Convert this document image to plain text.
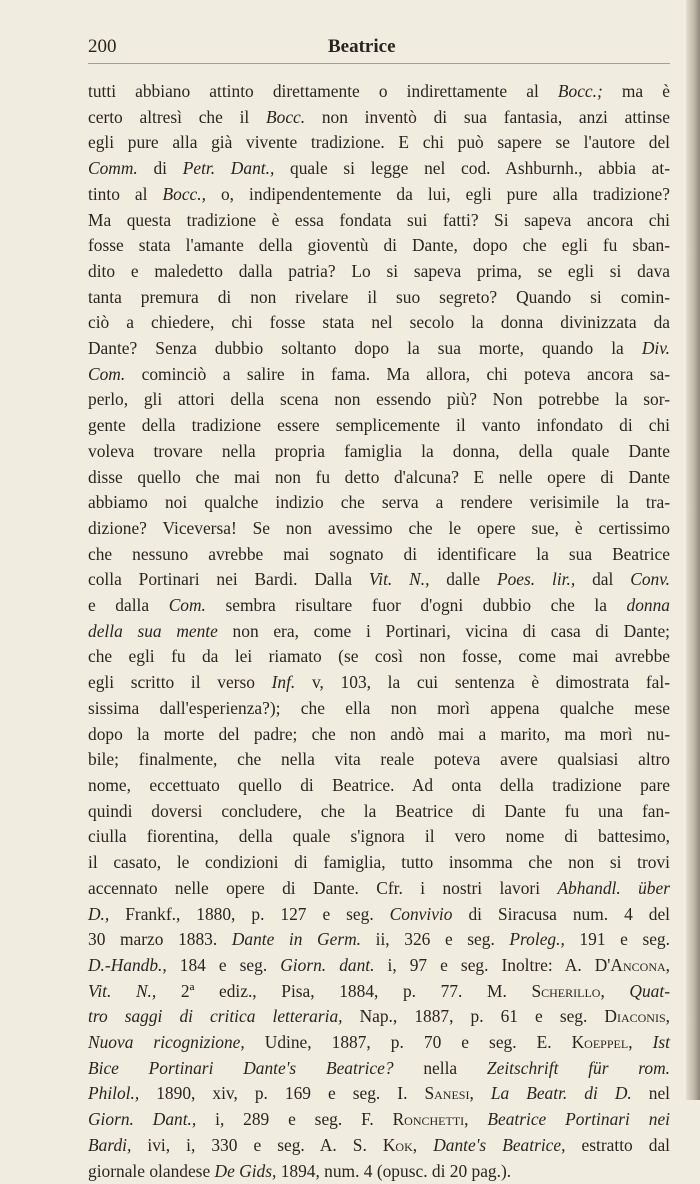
200	Beatrice
tutti abbiano attinto direttamente o indirettamente al Bocc.; ma è
certo altresì che il Bocc. non inventò di sua fantasia, anzi attinse
egli pure alla già vivente tradizione. E chi può sapere se l'autore del
Comm. di Petr. Dant., quale si legge nel cod. Ashburnh., abbia at-
tinto al Bocc., o, indipendentemente da lui, egli pure alla tradizione?
Ma questa tradizione è essa fondata sui fatti? Si sapeva ancora chi
fosse stata l'amante della gioventù di Dante, dopo che egli fu sban-
dito e maledetto dalla patria? Lo si sapeva prima, se egli si dava
tanta premura di non rivelare il suo segreto? Quando si comin-
ciò a chiedere, chi fosse stata nel secolo la donna divinizzata da
Dante? Senza dubbio soltanto dopo la sua morte, quando la Div.
Com. cominciò a salire in fama. Ma allora, chi poteva ancora sa-
perlo, gli attori della scena non essendo più? Non potrebbe la sor-
gente della tradizione essere semplicemente il vanto infondato di chi
voleva trovare nella propria famiglia la donna, della quale Dante
disse quello che mai non fu detto d'alcuna? E nelle opere di Dante
abbiamo noi qualche indizio che serva a rendere verisimile la tra-
dizione? Viceversa! Se non avessimo che le opere sue, è certissimo
che nessuno avrebbe mai sognato di identificare la sua Beatrice
colla Portinari nei Bardi. Dalla Vit. N., dalle Poes. lir., dal Conv.
e dalla Com. sembra risultare fuor d'ogni dubbio che la donna
della sua mente non era, come i Portinari, vicina di casa di Dante;
che egli fu da lei riamato (se così non fosse, come mai avrebbe
egli scritto il verso Inf. v, 103, la cui sentenza è dimostrata fal-
sissima dall'esperienza?); che ella non morì appena qualche mese
dopo la morte del padre; che non andò mai a marito, ma morì nu-
bile; finalmente, che nella vita reale poteva avere qualsiasi altro
nome, eccettuato quello di Beatrice. Ad onta della tradizione pare
quindi doversi concludere, che la Beatrice di Dante fu una fan-
ciulla fiorentina, della quale s'ignora il vero nome di battesimo,
il casato, le condizioni di famiglia, tutto insomma che non si trovi
accennato nelle opere di Dante. Cfr. i nostri lavori Abhandl. über
D., Frankf., 1880, p. 127 e seg. Convivio di Siracusa num. 4 del
30 marzo 1883. Dante in Germ. ii, 326 e seg. Proleg., 191 e seg.
D.-Handb., 184 e seg. Giorn. dant. i, 97 e seg. Inoltre: A. D'Ancona,
Vit. N., 2ª ediz., Pisa, 1884, p. 77. M. Scherillo, Quat-
tro saggi di critica letteraria, Nap., 1887, p. 61 e seg. Diaconis,
Nuova ricognizione, Udine, 1887, p. 70 e seg. E. Koeppel, Ist
Bice Portinari Dante's Beatrice? nella Zeitschrift für rom.
Philol., 1890, xiv, p. 169 e seg. I. Sanesi, La Beatr. di D. nel
Giorn. Dant., i, 289 e seg. F. Ronchetti, Beatrice Portinari nei
Bardi, ivi, i, 330 e seg. A. S. Kok, Dante's Beatrice, estratto dal
giornale olandese De Gids, 1894, num. 4 (opusc. di 20 pag.).
